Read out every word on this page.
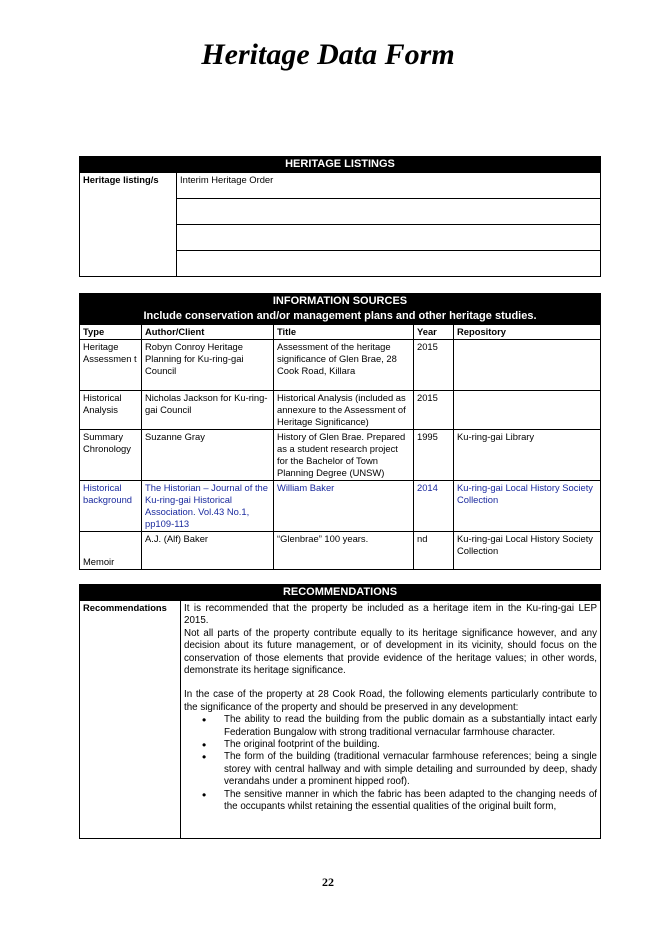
Heritage Data Form
HERITAGE LISTINGS
Heritage listing/s	Interim Heritage Order

INFORMATION SOURCES				
Include conservation and/or management plans and other heritage studies.				
Type	Author/Client	Title	Year	Repository
Heritage Assessmen t	Robyn Conroy Heritage Planning for Ku-ring-gai Council	Assessment of the heritage significance of Glen Brae, 28 Cook Road, Killara	2015	
Historical Analysis	Nicholas Jackson for Ku-ring-gai Council	Historical Analysis (included as annexure to the Assessment of Heritage Significance)	2015	
Summary Chronology	Suzanne Gray	History of Glen Brae. Prepared as a student research project for the Bachelor of Town Planning Degree (UNSW)	1995	Ku-ring-gai Library
Historical background	The Historian – Journal of the Ku-ring-gai Historical Association. Vol.43 No.1, pp109-113	William Baker	2014	Ku-ring-gai Local History Society Collection
Memoir	A.J. (Alf) Baker	“Glenbrae” 100 years.	nd	Ku-ring-gai Local History Society Collection
RECOMMENDATIONS
Recommendations	It is recommended that the property be included as a heritage item in the Ku-ring-gai LEP 2015.

Not all parts of the property contribute equally to its heritage significance however, and any decision about its future management, or of development in its vicinity, should focus on the conservation of those elements that provide evidence of the heritage values; in other words, demonstrate its heritage significance.

In the case of the property at 28 Cook Road, the following elements particularly contribute to the significance of the property and should be preserved in any development:

• The ability to read the building from the public domain as a substantially intact early Federation Bungalow with strong traditional vernacular farmhouse character.
• The original footprint of the building.
• The form of the building (traditional vernacular farmhouse references; being a single storey with central hallway and with simple detailing and surrounded by deep, shady verandahs under a prominent hipped roof).
• The sensitive manner in which the fabric has been adapted to the changing needs of the occupants whilst retaining the essential qualities of the original built form,
22
